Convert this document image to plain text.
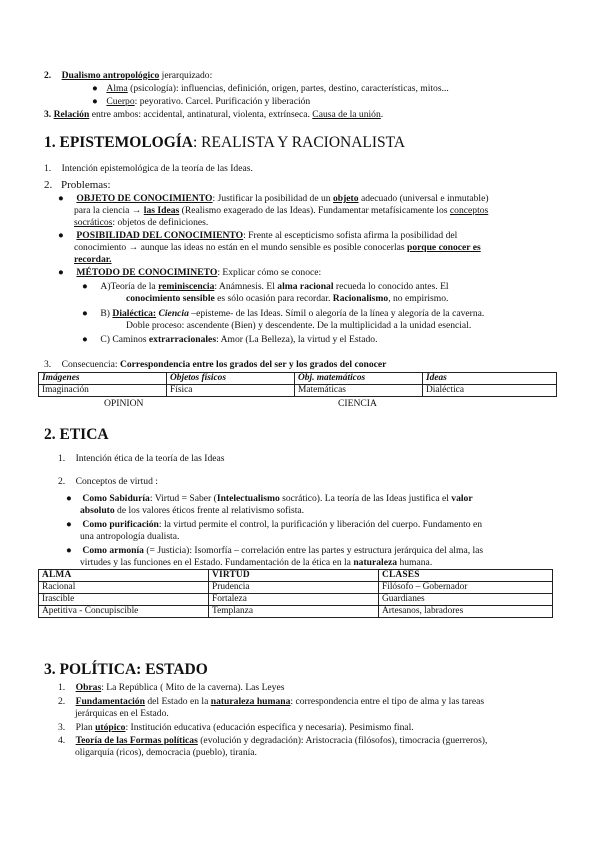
2. Dualismo antropológico jerarquizado:
● Alma (psicología): influencias, definición, origen, partes, destino, características, mitos...
● Cuerpo: peyorativo. Carcel. Purificación y liberación
3. Relación entre ambos: accidental, antinatural, violenta, extrínseca. Causa de la unión.
1. EPISTEMOLOGÍA: REALISTA Y RACIONALISTA
1. Intención epistemológica de la teoría de las Ideas.
2. Problemas:
● OBJETO DE CONOCIMIENTO: Justificar la posibilidad de un objeto adecuado (universal e inmutable)
para la ciencia → las Ideas (Realismo exagerado de las Ideas). Fundamentar metafísicamente los conceptos
socráticos: objetos de definiciones.
● POSIBILIDAD DEL CONOCIMIENTO: Frente al escepticismo sofista afirma la posibilidad del
conocimiento → aunque las ideas no están en el mundo sensible es posible conocerlas porque conocer es
recordar.
● MÉTODO DE CONOCIMINETO: Explicar cómo se conoce:
● A)Teoría de la reminiscencia: Anámnesis. El alma racional recueda lo conocido antes. El
conocimiento sensible es sólo ocasión para recordar. Racionalismo, no empirismo.
● B) Dialéctica: Ciencia –episteme- de las Ideas. Símil o alegoría de la línea y alegoría de la caverna.
Doble proceso: ascendente (Bien) y descendente. De la multiplicidad a la unidad esencial.
● C) Caminos extrarracionales: Amor (La Belleza), la virtud y el Estado.
3. Consecuencia: Correspondencia entre los grados del ser y los grados del conocer
Imágenes	Objetos físicos	Obj. matemáticos	Ideas
Imaginación	Física	Matemáticas	Dialéctica
OPINION	CIENCIA
2. ETICA
1. Intención ética de la teoría de las Ideas
2. Conceptos de virtud :
● Como Sabiduría: Virtud = Saber (Intelectualismo socrático). La teoría de las Ideas justifica el valor
absoluto de los valores éticos frente al relativismo sofista.
● Como purificación: la virtud permite el control, la purificación y liberación del cuerpo. Fundamento en
una antropología dualista.
● Como armonía (= Justicia): Isomorfía – correlación entre las partes y estructura jerárquica del alma, las
virtudes y las funciones en el Estado. Fundamentación de la ética en la naturaleza humana.
ALMA	VIRTUD	CLASES
Racional	Prudencia	Filósofo – Gobernador
Irascible	Fortaleza	Guardianes
Apetitiva - Concupiscible	Templanza	Artesanos, labradores
3. POLÍTICA: ESTADO
1. Obras: La República ( Mito de la caverna). Las Leyes
2. Fundamentación del Estado en la naturaleza humana: correspondencia entre el tipo de alma y las tareas
jerárquicas en el Estado.
3. Plan utópico: Institución educativa (educación específica y necesaria). Pesimismo final.
4. Teoría de las Formas políticas (evolución y degradación): Aristocracia (filósofos), timocracia (guerreros),
oligarquía (ricos), democracia (pueblo), tiranía.
